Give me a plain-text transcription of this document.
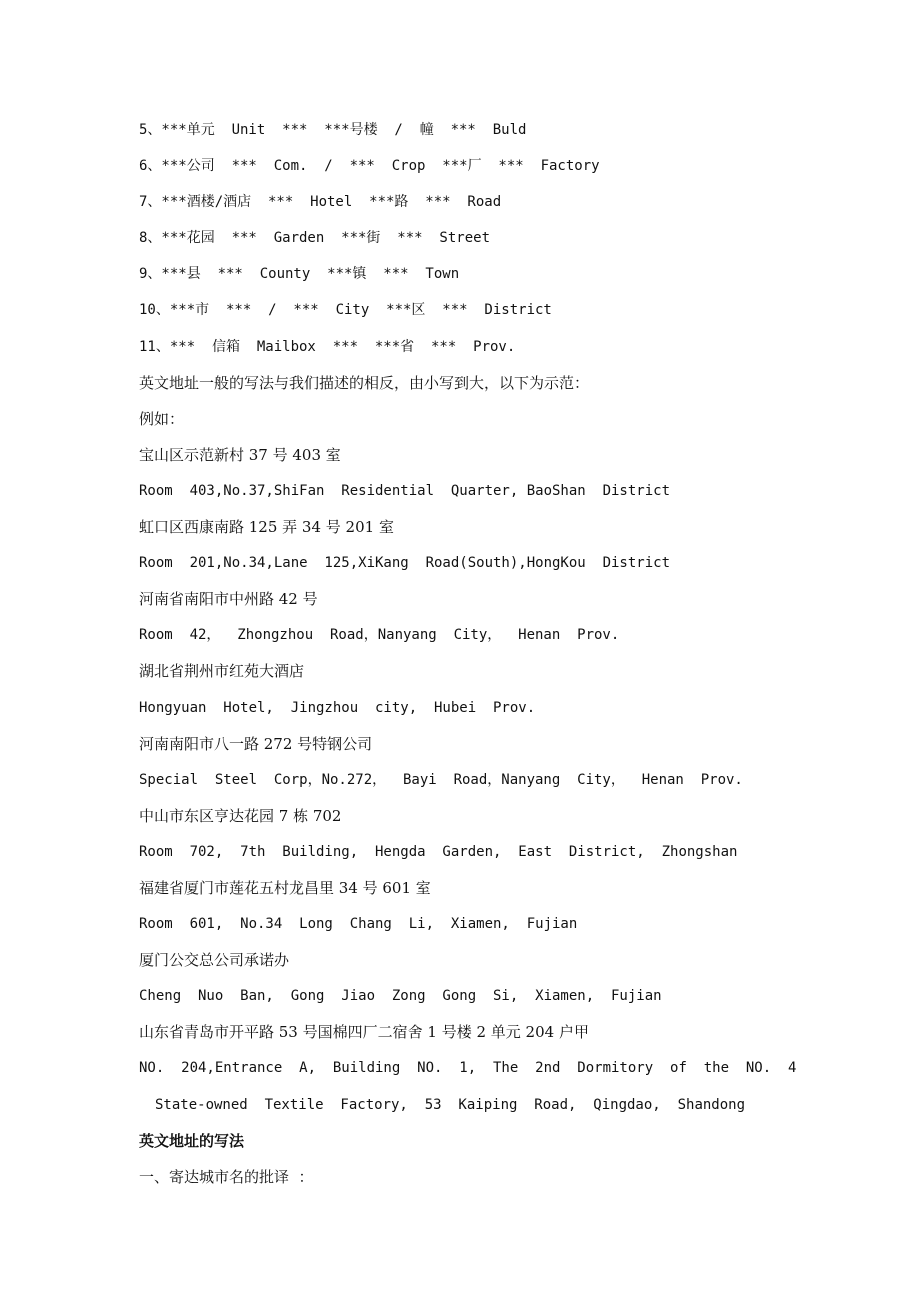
5、***单元  Unit  ***  ***号楼  /  幢  ***  Buld
6、***公司  ***  Com.  /  ***  Crop  ***厂  ***  Factory
7、***酒楼/酒店  ***  Hotel  ***路  ***  Road
8、***花园  ***  Garden  ***街  ***  Street
9、***县  ***  County  ***镇  ***  Town
10、***市  ***  /  ***  City  ***区  ***  District
11、***  信箱  Mailbox  ***  ***省  ***  Prov.
英文地址一般的写法与我们描述的相反，由小写到大，以下为示范：
例如：
宝山区示范新村 37 号 403 室
Room  403,No.37,ShiFan  Residential  Quarter, BaoShan  District
虹口区西康南路 125 弄 34 号 201 室
Room  201,No.34,Lane  125,XiKang  Road(South),HongKou  District
河南省南阳市中州路 42 号
Room  42，  Zhongzhou  Road，Nanyang  City，  Henan  Prov.
湖北省荆州市红苑大酒店
Hongyuan  Hotel,  Jingzhou  city,  Hubei  Prov.
河南南阳市八一路 272 号特钢公司
Special  Steel  Corp，No.272，  Bayi  Road，Nanyang  City，  Henan  Prov.
中山市东区亨达花园 7 栋 702
Room  702,  7th  Building,  Hengda  Garden,  East  District,  Zhongshan
福建省厦门市莲花五村龙昌里 34 号 601 室
Room  601,  No.34  Long  Chang  Li,  Xiamen,  Fujian
厦门公交总公司承诺办
Cheng  Nuo  Ban,  Gong  Jiao  Zong  Gong  Si,  Xiamen,  Fujian
山东省青岛市开平路 53 号国棉四厂二宿舍 1 号楼 2 单元 204 户甲
NO.  204,Entrance  A,  Building  NO.  1,  The  2nd  Dormitory  of  the  NO.  4
State-owned  Textile  Factory,  53  Kaiping  Road,  Qingdao,  Shandong
英文地址的写法
一、寄达城市名的批译  ：
